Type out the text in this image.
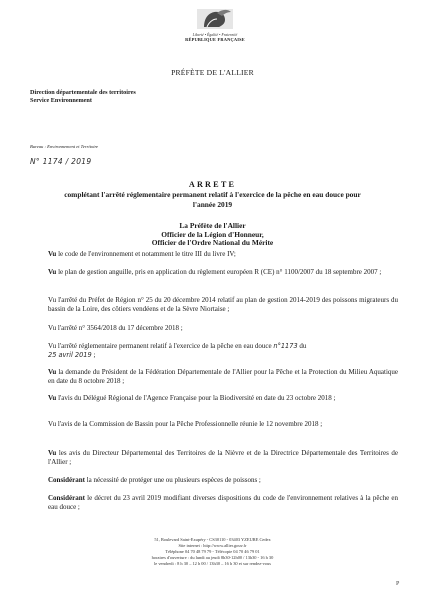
Liberté • Égalité • Fraternité
RÉPUBLIQUE FRANÇAISE
PRÉFÈTE DE L'ALLIER
Direction départementale des territoires
Service Environnement
Bureau : Environnement et Territoire
N° 1174 / 2019
ARRETE
complétant l'arrêté réglementaire permanent relatif à l'exercice de la pêche en eau douce pour l'année 2019
La Préfète de l'Allier
Officier de la Légion d'Honneur,
Officier de l'Ordre National du Mérite

Vu le code de l'environnement et notamment le titre III du livre IV;

Vu le plan de gestion anguille, pris en application du règlement européen R (CE) n° 1100/2007 du 18 septembre 2007 ;

Vu l'arrêté du Préfet de Région n° 25 du 20 décembre 2014 relatif au plan de gestion 2014-2019 des poissons migrateurs du bassin de la Loire, des côtiers vendéens et de la Sèvre Niortaise ;

Vu l'arrêté n° 3564/2018 du 17 décembre 2018 ;

Vu l'arrêté réglementaire permanent relatif à l'exercice de la pêche en eau douce n°1173 du
25 avril 2019 ;

Vu la demande du Président de la Fédération Départementale de l'Allier pour la Pêche et la Protection du Milieu Aquatique en date du 8 octobre 2018 ;

Vu l'avis du Délégué Régional de l'Agence Française pour la Biodiversité en date du 23 octobre 2018 ;

Vu l'avis de la Commission de Bassin pour la Pêche Professionnelle réunie le 12 novembre 2018 ;

Vu les avis du Directeur Départemental des Territoires de la Nièvre et de la Directrice Départementale des Territoires de l'Allier ;

Considérant la nécessité de protéger une ou plusieurs espèces de poissons ;

Considérant le décret du 23 avril 2019 modifiant diverses dispositions du code de l'environnement relatives à la pêche en eau douce ;

51, Boulevard Saint-Exupéry - CS30110 - 03403 YZEURE Cedex
Site internet : http://www.allier.gouv.fr
Téléphone 04 70 48 79 79 - Télécopie 04 70 46 79 01
horaires d'ouverture : du lundi au jeudi 8h30-12h00 / 13h30 - 16 h 30
le vendredi : 8 h 30 – 12 h 00 / 13h30 – 16 h 30 et sur rendez-vous
P
